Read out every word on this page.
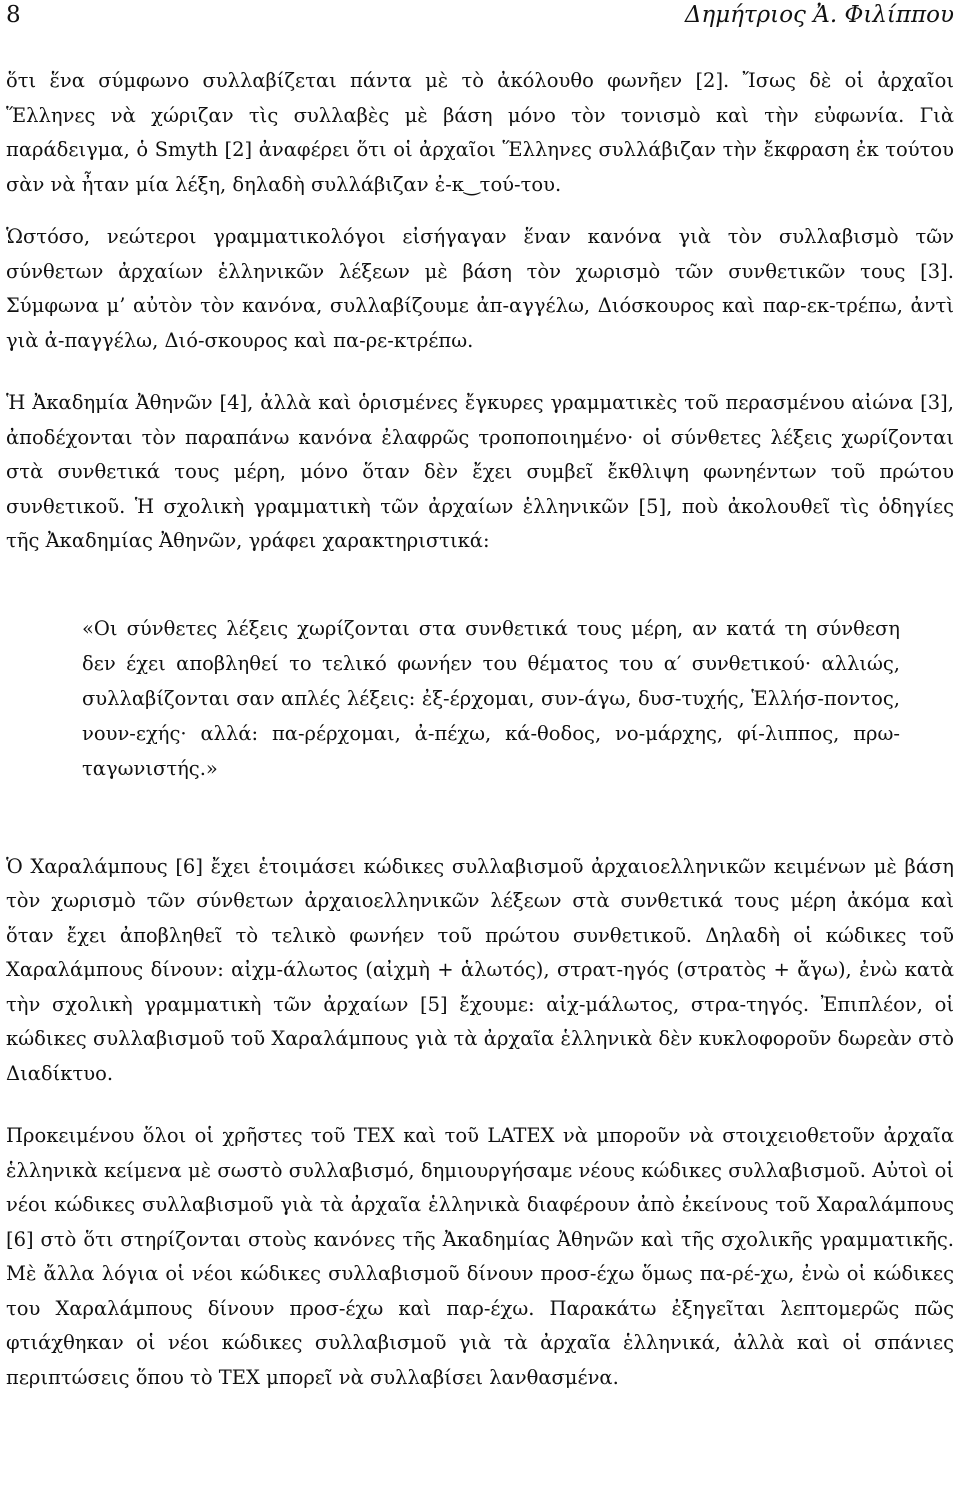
8	Δημήτριος Ἀ. Φιλίππου

ὅτι ἕνα σύμφωνο συλλαβίζεται πάντα μὲ τὸ ἀκόλουθο φωνῆεν [2]. Ἴσως δὲ οἱ ἀρχαῖοι Ἕλληνες νὰ χώριζαν τὶς συλλαβὲς μὲ βάση μόνο τὸν τονισμὸ καὶ τὴν εὐφωνία. Γιὰ παράδειγμα, ὁ Smyth [2] ἀναφέρει ὅτι οἱ ἀρχαῖοι Ἕλληνες συλλάβιζαν τὴν ἔκφραση ἐκ τούτου σὰν νὰ ἦταν μία λέξη, δηλαδὴ συλλάβιζαν ἐ-κ‿τού-του.

Ὡστόσο, νεώτεροι γραμματικολόγοι εἰσήγαγαν ἕναν κανόνα γιὰ τὸν συλλαβισμὸ τῶν σύνθετων ἀρχαίων ἑλληνικῶν λέξεων μὲ βάση τὸν χωρισμὸ τῶν συνθετικῶν τους [3]. Σύμφωνα μ’ αὐτὸν τὸν κανόνα, συλλαβίζουμε ἀπ-αγγέλω, Διόσκουρος καὶ παρ-εκ-τρέπω, ἀντὶ γιὰ ἀ-παγγέλω, Διό-σκουρος καὶ πα-ρε-κτρέπω.

Ἡ Ἀκαδημία Ἀθηνῶν [4], ἀλλὰ καὶ ὁρισμένες ἔγκυρες γραμματικὲς τοῦ περασμένου αἰώνα [3], ἀποδέχονται τὸν παραπάνω κανόνα ἐλαφρῶς τροποποιημένο· οἱ σύνθετες λέξεις χωρίζονται στὰ συνθετικά τους μέρη, μόνο ὅταν δὲν ἔχει συμβεῖ ἔκθλιψη φωνηέντων τοῦ πρώτου συνθετικοῦ. Ἡ σχολικὴ γραμματικὴ τῶν ἀρχαίων ἑλληνικῶν [5], ποὺ ἀκολουθεῖ τὶς ὁδηγίες τῆς Ἀκαδημίας Ἀθηνῶν, γράφει χαρακτηριστικά:

«Οι σύνθετες λέξεις χωρίζονται στα συνθετικά τους μέρη, αν κατά τη σύνθεση δεν έχει αποβληθεί το τελικό φωνήεν του θέματος του α′ συνθετικού· αλλιώς, συλλαβίζονται σαν απλές λέξεις: ἐξ-έρχομαι, συν-άγω, δυσ-τυχής, Ἑλλήσ-ποντος, νουν-εχής· αλλά: πα-ρέρχομαι, ἀ-πέχω, κά-θοδος, νο-μάρχης, φί-λιππος, πρω-ταγωνιστής.»

Ὁ Χαραλάμπους [6] ἔχει ἑτοιμάσει κώδικες συλλαβισμοῦ ἀρχαιοελληνικῶν κειμένων μὲ βάση τὸν χωρισμὸ τῶν σύνθετων ἀρχαιοελληνικῶν λέξεων στὰ συνθετικά τους μέρη ἀκόμα καὶ ὅταν ἔχει ἀποβληθεῖ τὸ τελικὸ φωνήεν τοῦ πρώτου συνθετικοῦ. Δηλαδὴ οἱ κώδικες τοῦ Χαραλάμπους δίνουν: αἰχμ-άλωτος (αἰχμὴ + ἁλωτός), στρατ-ηγός (στρατὸς + ἄγω), ἐνὼ κατὰ τὴν σχολικὴ γραμματικὴ τῶν ἀρχαίων [5] ἔχουμε: αἰχ-μάλωτος, στρα-τηγός. Ἐπιπλέον, οἱ κώδικες συλλαβισμοῦ τοῦ Χαραλάμπους γιὰ τὰ ἀρχαῖα ἑλληνικὰ δὲν κυκλοφοροῦν δωρεὰν στὸ Διαδίκτυο.

Προκειμένου ὅλοι οἱ χρῆστες τοῦ TEX καὶ τοῦ LATEX νὰ μποροῦν νὰ στοιχειοθετοῦν ἀρχαῖα ἑλληνικὰ κείμενα μὲ σωστὸ συλλαβισμό, δημιουργήσαμε νέους κώδικες συλλαβισμοῦ. Αὐτοὶ οἱ νέοι κώδικες συλλαβισμοῦ γιὰ τὰ ἀρχαῖα ἑλληνικὰ διαφέρουν ἀπὸ ἐκείνους τοῦ Χαραλάμπους [6] στὸ ὅτι στηρίζονται στοὺς κανόνες τῆς Ἀκαδημίας Ἀθηνῶν καὶ τῆς σχολικῆς γραμματικῆς. Μὲ ἄλλα λόγια οἱ νέοι κώδικες συλλαβισμοῦ δίνουν προσ-έχω ὅμως πα-ρέ-χω, ἐνὼ οἱ κώδικες του Χαραλάμπους δίνουν προσ-έχω καὶ παρ-έχω. Παρακάτω ἐξηγεῖται λεπτομερῶς πῶς φτιάχθηκαν οἱ νέοι κώδικες συλλαβισμοῦ γιὰ τὰ ἀρχαῖα ἑλληνικά, ἀλλὰ καὶ οἱ σπάνιες περιπτώσεις ὅπου τὸ TEX μπορεῖ νὰ συλλαβίσει λανθασμένα.
